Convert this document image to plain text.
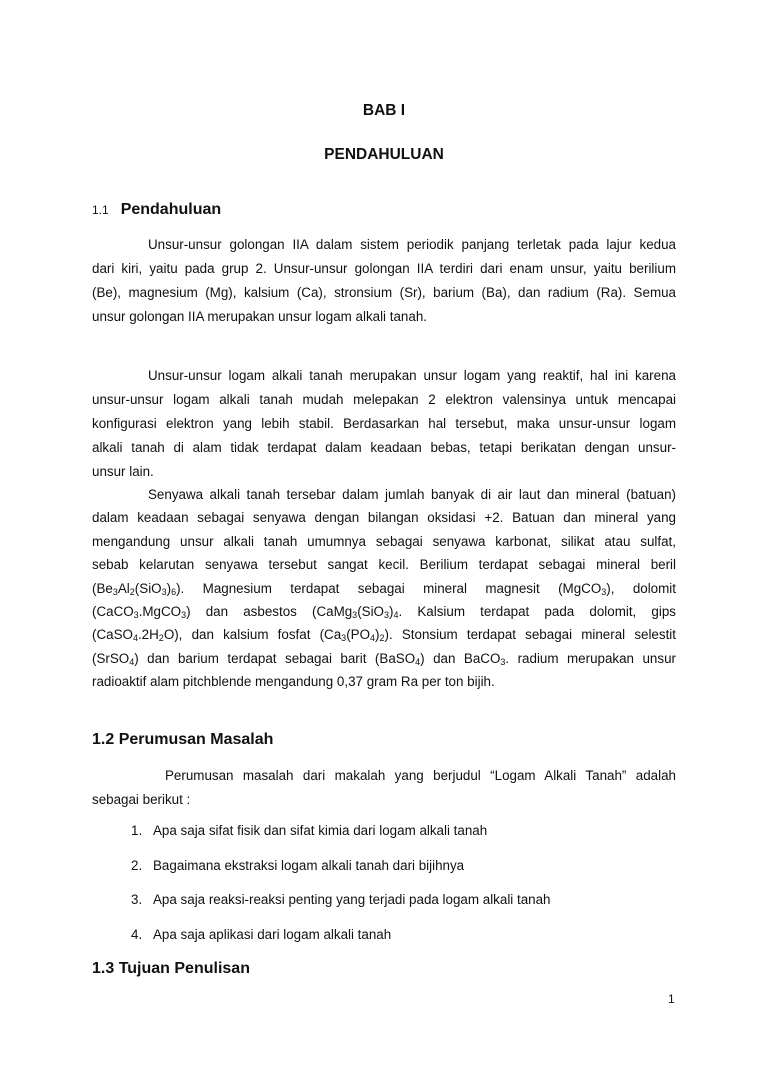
BAB I
PENDAHULUAN
1.1 Pendahuluan
Unsur-unsur golongan IIA dalam sistem periodik panjang terletak pada lajur kedua
dari kiri, yaitu pada grup 2. Unsur-unsur golongan IIA terdiri dari enam unsur, yaitu berilium
(Be), magnesium (Mg), kalsium (Ca), stronsium (Sr), barium (Ba), dan radium (Ra). Semua
unsur golongan IIA merupakan unsur logam alkali tanah.
Unsur-unsur logam alkali tanah merupakan unsur logam yang reaktif, hal ini karena
unsur-unsur logam alkali tanah mudah melepakan 2 elektron valensinya untuk mencapai
konfigurasi elektron yang lebih stabil. Berdasarkan hal tersebut, maka unsur-unsur logam
alkali tanah di alam tidak terdapat dalam keadaan bebas, tetapi berikatan dengan unsur-
unsur lain.
Senyawa alkali tanah tersebar dalam jumlah banyak di air laut dan mineral (batuan)
dalam keadaan sebagai senyawa dengan bilangan oksidasi +2. Batuan dan mineral yang
mengandung unsur alkali tanah umumnya sebagai senyawa karbonat, silikat atau sulfat,
sebab kelarutan senyawa tersebut sangat kecil. Berilium terdapat sebagai mineral beril
$(Be_3Al_2(SiO_3)_6)$. Magnesium terdapat sebagai mineral magnesit (MgCO$_3$), dolomit
(CaCO$_3$.MgCO$_3$) dan asbestos ($CaMg_3(SiO_3)_4$. Kalsium terdapat pada dolomit, gips
$(CaSO_4.2H_2O)$, dan kalsium fosfat $(Ca_3(PO_4)_2)$. Stonsium terdapat sebagai mineral selestit
(SrSO$_4$) dan barium terdapat sebagai barit (BaSO$_4$) dan BaCO$_3$. radium merupakan unsur
radioaktif alam pitchblende mengandung 0,37 gram Ra per ton bijih.
1.2 Perumusan Masalah
Perumusan masalah dari makalah yang berjudul “Logam Alkali Tanah” adalah
sebagai berikut :
1. Apa saja sifat fisik dan sifat kimia dari logam alkali tanah
2. Bagaimana ekstraksi logam alkali tanah dari bijihnya
3. Apa saja reaksi-reaksi penting yang terjadi pada logam alkali tanah
4. Apa saja aplikasi dari logam alkali tanah
1.3 Tujuan Penulisan
1
